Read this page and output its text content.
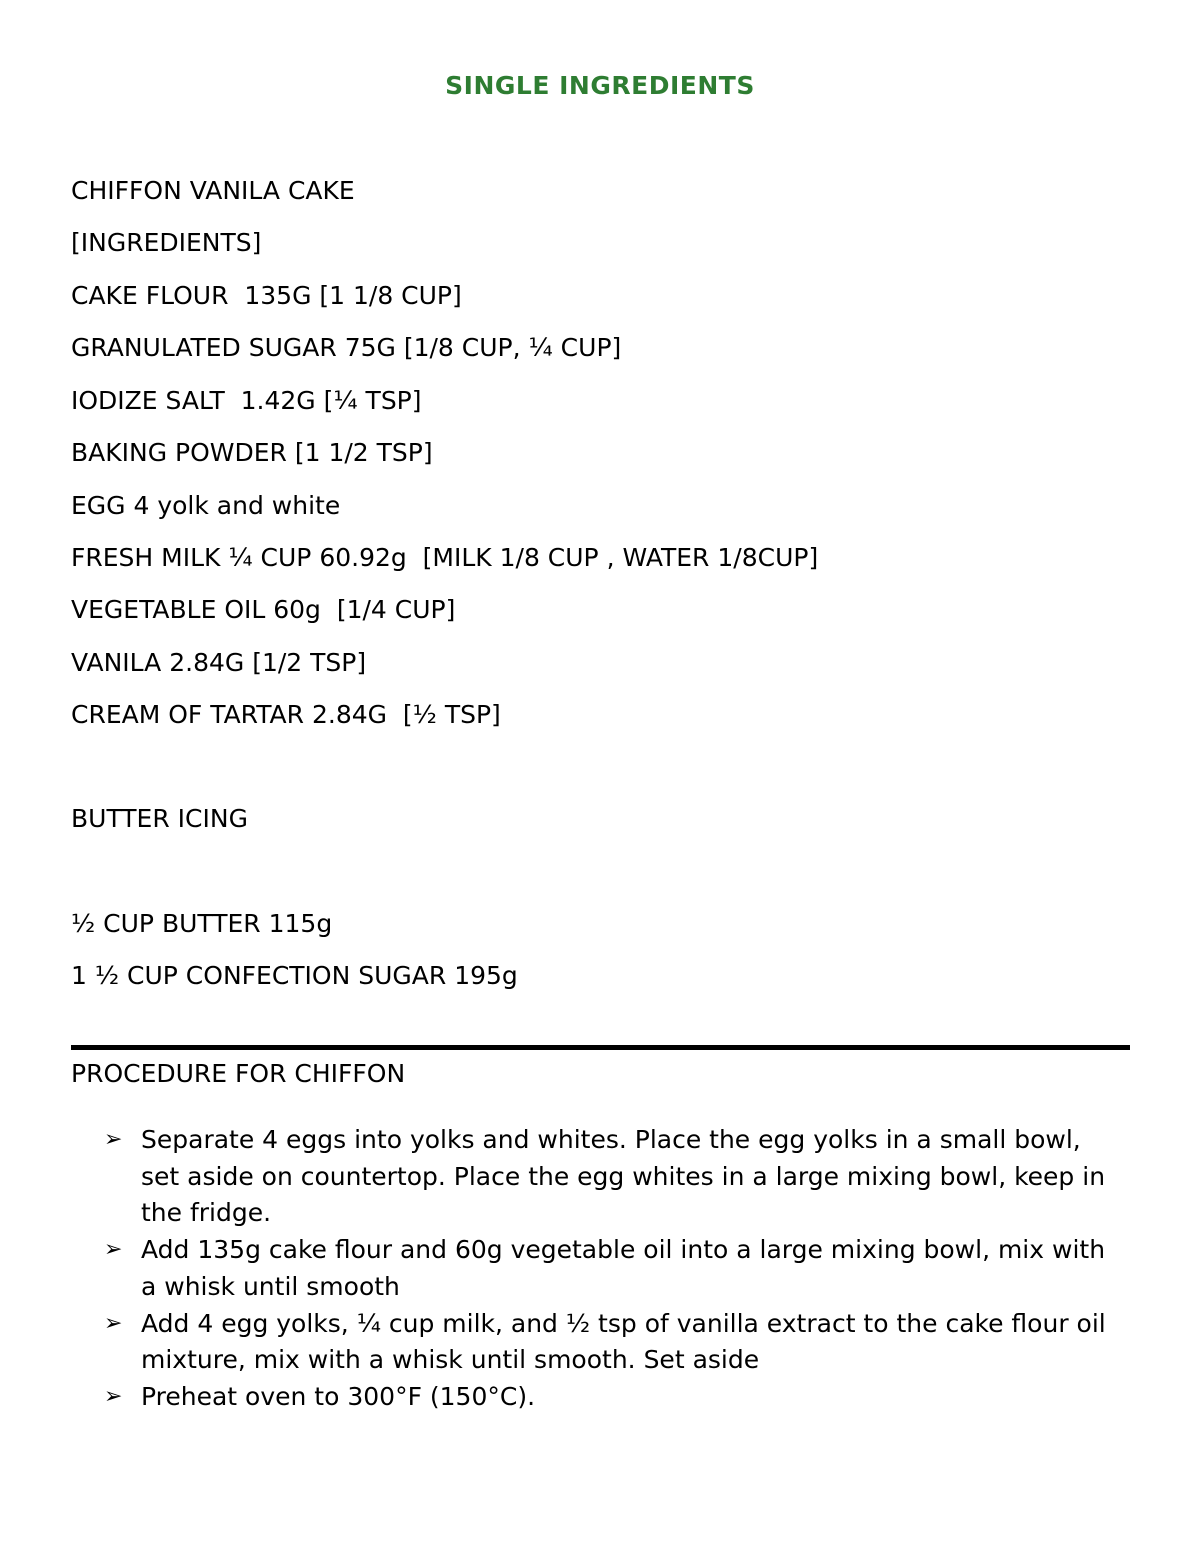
SINGLE INGREDIENTS

CHIFFON VANILA CAKE

[INGREDIENTS]

CAKE FLOUR  135G [1 1/8 CUP]

GRANULATED SUGAR 75G [1/8 CUP, ¼ CUP]

IODIZE SALT  1.42G [¼ TSP]

BAKING POWDER [1 1/2 TSP]

EGG 4 yolk and white

FRESH MILK ¼ CUP 60.92g  [MILK 1/8 CUP , WATER 1/8CUP]

VEGETABLE OIL 60g  [1/4 CUP]

VANILA 2.84G [1/2 TSP]

CREAM OF TARTAR 2.84G  [½ TSP]

BUTTER ICING

½ CUP BUTTER 115g

1 ½ CUP CONFECTION SUGAR 195g

PROCEDURE FOR CHIFFON

➢ Separate 4 eggs into yolks and whites. Place the egg yolks in a small bowl, set aside on countertop. Place the egg whites in a large mixing bowl, keep in the fridge.
➢ Add 135g cake flour and 60g vegetable oil into a large mixing bowl, mix with a whisk until smooth
➢ Add 4 egg yolks, ¼ cup milk, and ½ tsp of vanilla extract to the cake flour oil mixture, mix with a whisk until smooth. Set aside
➢ Preheat oven to 300°F (150°C).
